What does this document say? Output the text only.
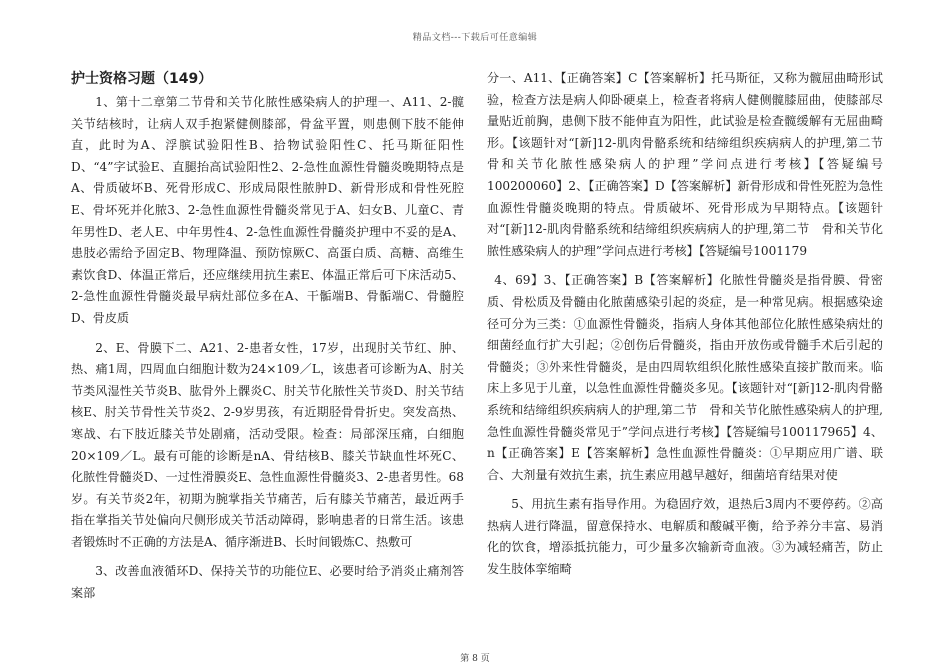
精品文档---下载后可任意编辑
护士资格习题（149）

1、第十二章第二节骨和关节化脓性感染病人的护理一、A11、2-髋关节结核时，让病人双手抱紧健侧膝部，骨盆平置，则患侧下肢不能伸直，此时为A、浮膑试验阳性B、拾物试验阳性C、托马斯征阳性D、“4”字试验E、直腿抬高试验阳性2、2-急性血源性骨髓炎晚期特点是A、骨质破坏B、死骨形成C、形成局限性脓肿D、新骨形成和骨性死腔E、骨坏死并化脓3、2-急性血源性骨髓炎常见于A、妇女B、儿童C、青年男性D、老人E、中年男性4、2-急性血源性骨髓炎护理中不妥的是A、患肢必需给予固定B、物理降温、预防惊厥C、高蛋白质、高糖、高维生素饮食D、体温正常后，还应继续用抗生素E、体温正常后可下床活动5、2-急性血源性骨髓炎最早病灶部位多在A、干骺端B、骨骺端C、骨髓腔D、骨皮质

2、E、骨膜下二、A21、2-患者女性，17岁，出现肘关节红、肿、热、痛1周，四周血白细胞计数为24×109／L，该患者可诊断为A、肘关节类风湿性关节炎B、肱骨外上髁炎C、肘关节化脓性关节炎D、肘关节结核E、肘关节骨性关节炎2、2-9岁男孩，有近期胫骨骨折史。突发高热、寒战、右下肢近膝关节处剧痛，活动受限。检查：局部深压痛，白细胞20×109／L。最有可能的诊断是nA、骨结核B、膝关节缺血性坏死C、化脓性骨髓炎D、一过性滑膜炎E、急性血源性骨髓炎3、2-患者男性。68岁。有关节炎2年，初期为腕掌指关节痛苦，后有膝关节痛苦，最近两手指在掌指关节处偏向尺侧形成关节活动障碍，影响患者的日常生活。该患者锻炼时不正确的方法是A、循序渐进B、长时间锻炼C、热敷可

3、改善血液循环D、保持关节的功能位E、必要时给予消炎止痛剂答案部

分一、A11、【正确答案】C【答案解析】托马斯征，又称为髋屈曲畸形试验，检查方法是病人仰卧硬桌上，检查者将病人健侧髋膝屈曲，使膝部尽量贴近前胸，患侧下肢不能伸直为阳性，此试验是检查髋缓解有无屈曲畸形。【该题针对“[新]12-肌肉骨骼系统和结缔组织疾病病人的护理,第二节　骨和关节化脓性感染病人的护理”学问点进行考核】【答疑编号100200060】2、【正确答案】D【答案解析】新骨形成和骨性死腔为急性血源性骨髓炎晚期的特点。骨质破坏、死骨形成为早期特点。【该题针对“[新]12-肌肉骨骼系统和结缔组织疾病病人的护理,第二节　骨和关节化脓性感染病人的护理”学问点进行考核】【答疑编号1001179

4、69】3、【正确答案】B【答案解析】化脓性骨髓炎是指骨膜、骨密质、骨松质及骨髓由化脓菌感染引起的炎症，是一种常见病。根据感染途径可分为三类：①血源性骨髓炎，指病人身体其他部位化脓性感染病灶的细菌经血行扩大引起；②创伤后骨髓炎，指由开放伤或骨髓手术后引起的骨髓炎；③外来性骨髓炎，是由四周软组织化脓性感染直接扩散而来。临床上多见于儿童，以急性血源性骨髓炎多见。【该题针对“[新]12-肌肉骨骼系统和结缔组织疾病病人的护理,第二节　骨和关节化脓性感染病人的护理,急性血源性骨髓炎常见于”学问点进行考核】【答疑编号100117965】4、n【正确答案】E【答案解析】急性血源性骨髓炎：①早期应用广谱、联合、大剂量有效抗生素，抗生素应用越早越好，细菌培育结果对使

5、用抗生素有指导作用。为稳固疗效，退热后3周内不要停药。②高热病人进行降温，留意保持水、电解质和酸碱平衡，给予养分丰富、易消化的饮食，增添抵抗能力，可少量多次输新奇血液。③为减轻痛苦，防止发生肢体挛缩畸

第 8 页
